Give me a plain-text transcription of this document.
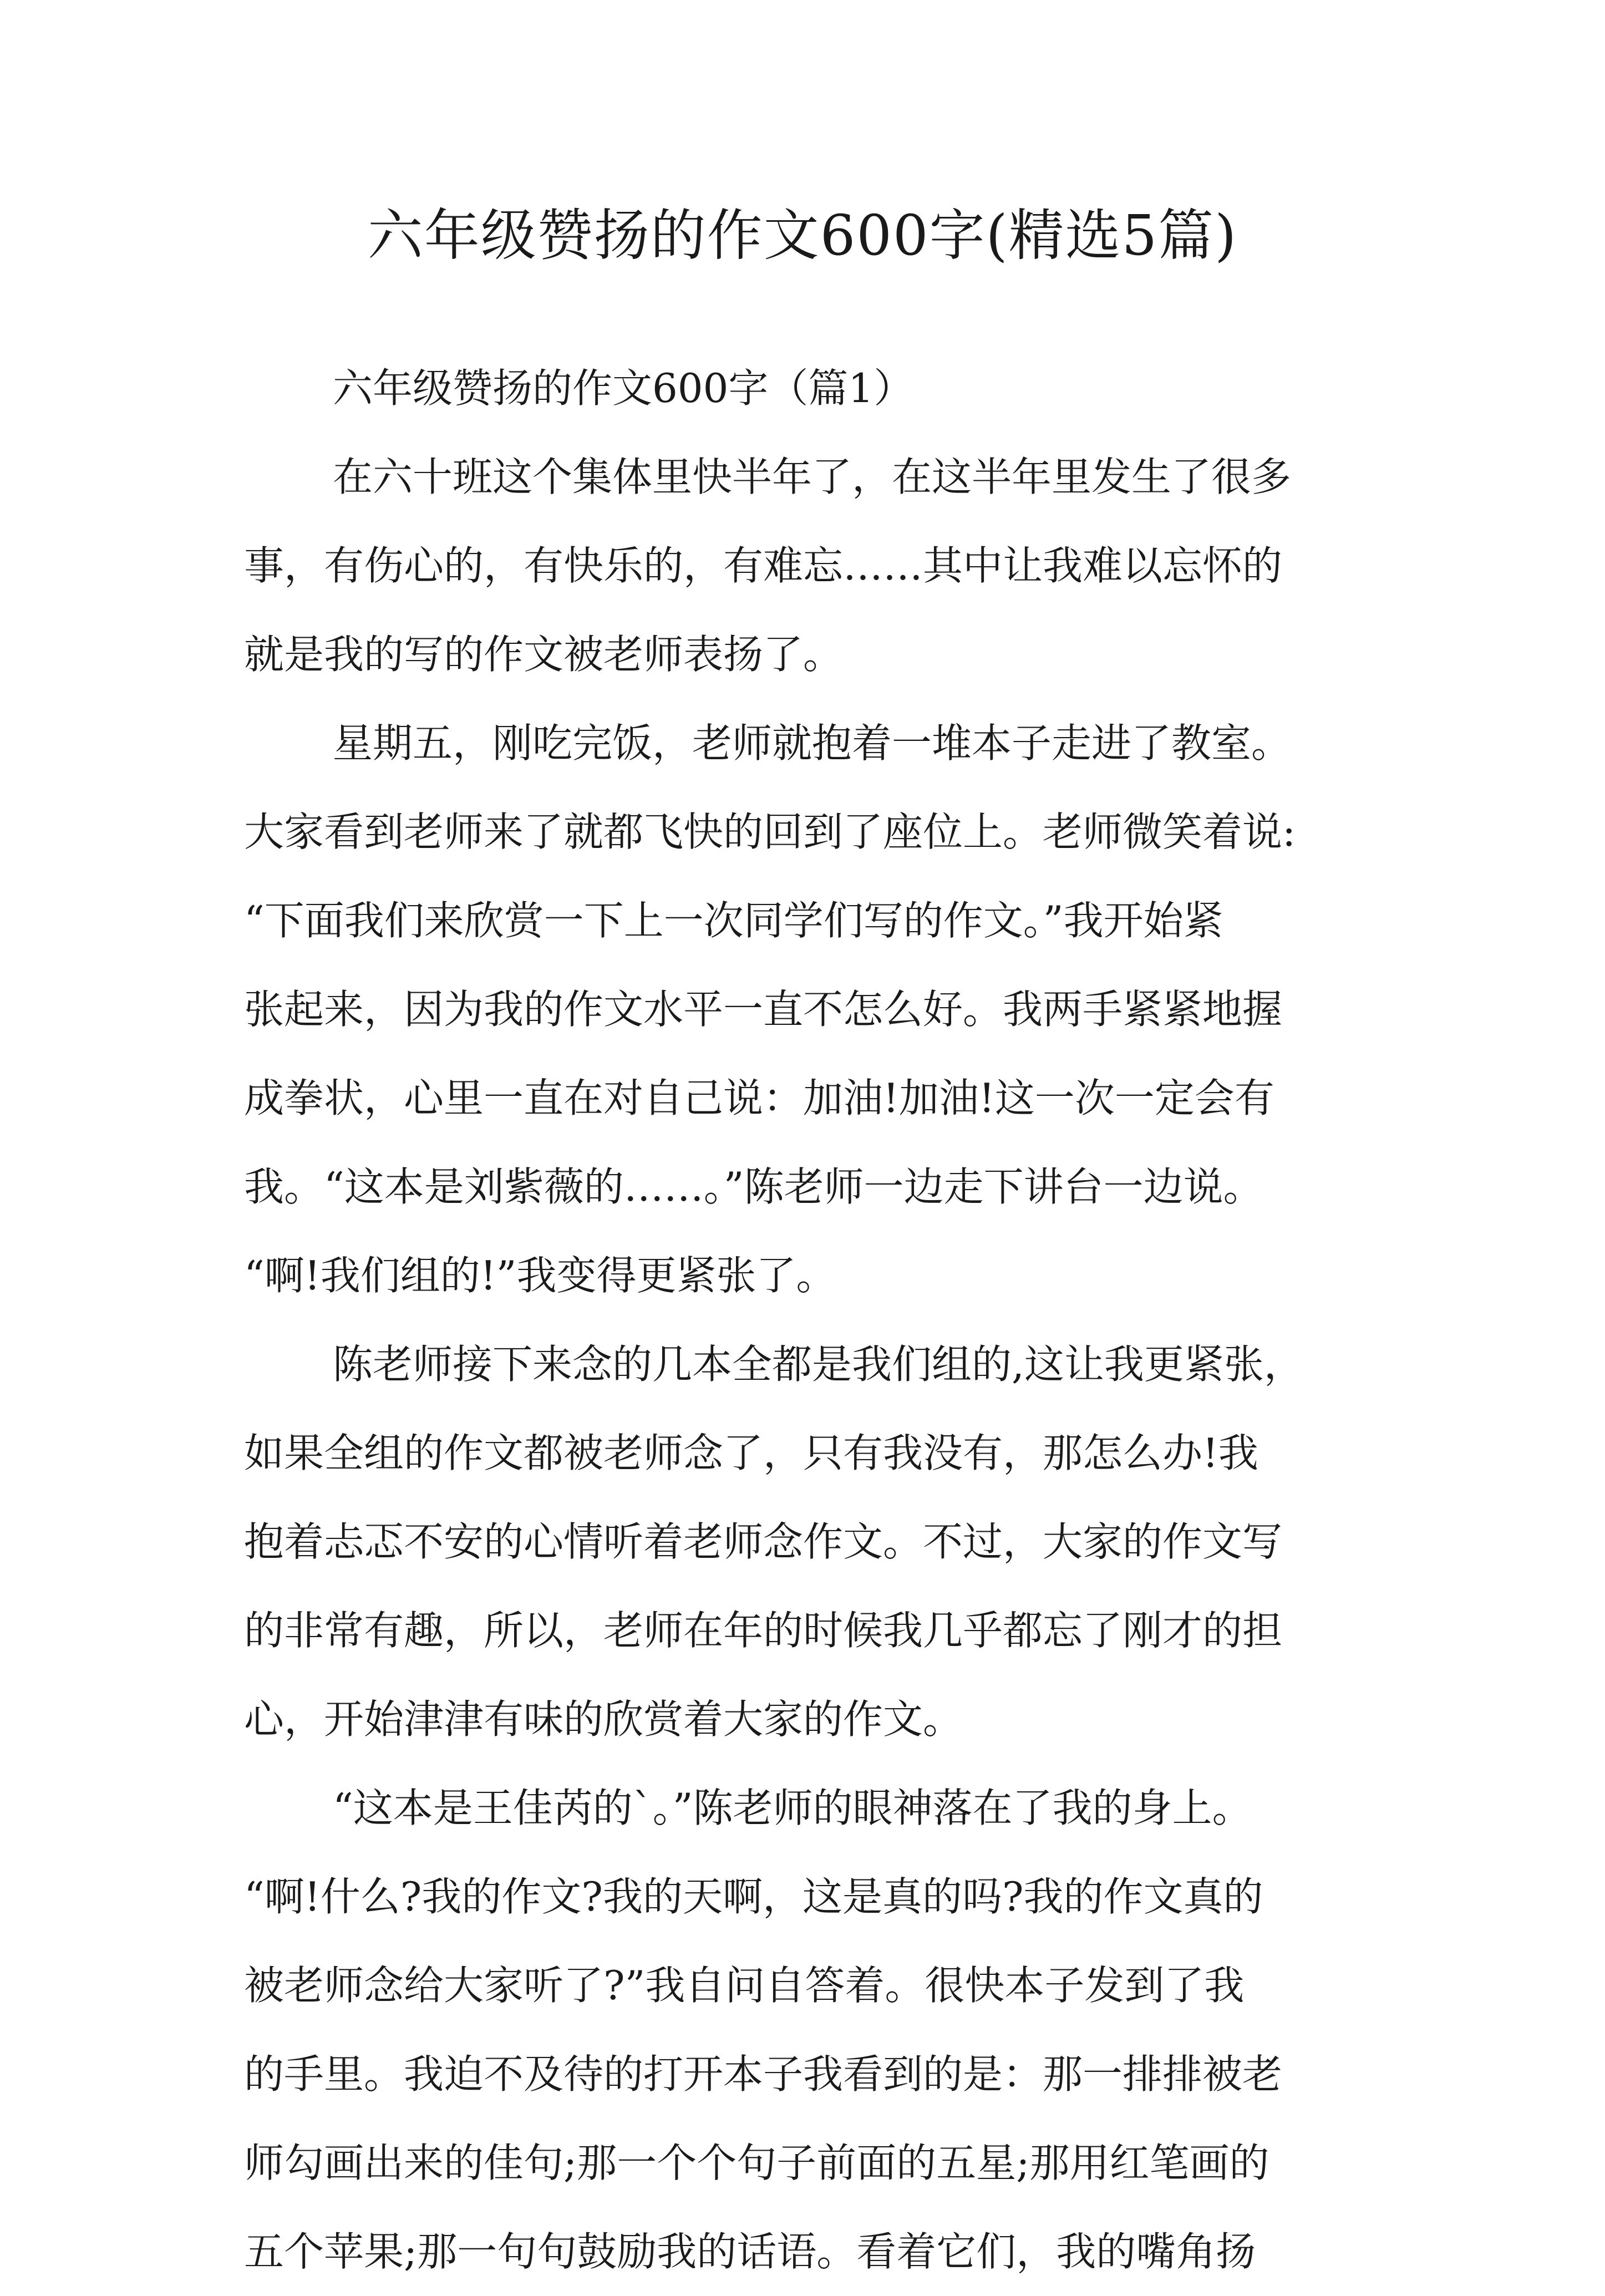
六年级赞扬的作文600字(精选5篇)

六年级赞扬的作文600字（篇1）

在六十班这个集体里快半年了，在这半年里发生了很多
事，有伤心的，有快乐的，有难忘……其中让我难以忘怀的
就是我的写的作文被老师表扬了。

星期五，刚吃完饭，老师就抱着一堆本子走进了教室。
大家看到老师来了就都飞快的回到了座位上。老师微笑着说:
“下面我们来欣赏一下上一次同学们写的作文。”我开始紧
张起来，因为我的作文水平一直不怎么好。我两手紧紧地握
成拳状，心里一直在对自己说：加油!加油!这一次一定会有
我。“这本是刘紫薇的……。”陈老师一边走下讲台一边说。
“啊!我们组的!”我变得更紧张了。

陈老师接下来念的几本全都是我们组的,这让我更紧张，
如果全组的作文都被老师念了，只有我没有，那怎么办!我
抱着忐忑不安的心情听着老师念作文。不过，大家的作文写
的非常有趣，所以，老师在年的时候我几乎都忘了刚才的担
心，开始津津有味的欣赏着大家的作文。

“这本是王佳芮的`。”陈老师的眼神落在了我的身上。
“啊!什么?我的作文?我的天啊，这是真的吗?我的作文真的
被老师念给大家听了?”我自问自答着。很快本子发到了我
的手里。我迫不及待的打开本子我看到的是：那一排排被老
师勾画出来的佳句;那一个个句子前面的五星;那用红笔画的
五个苹果;那一句句鼓励我的话语。看着它们，我的嘴角扬
